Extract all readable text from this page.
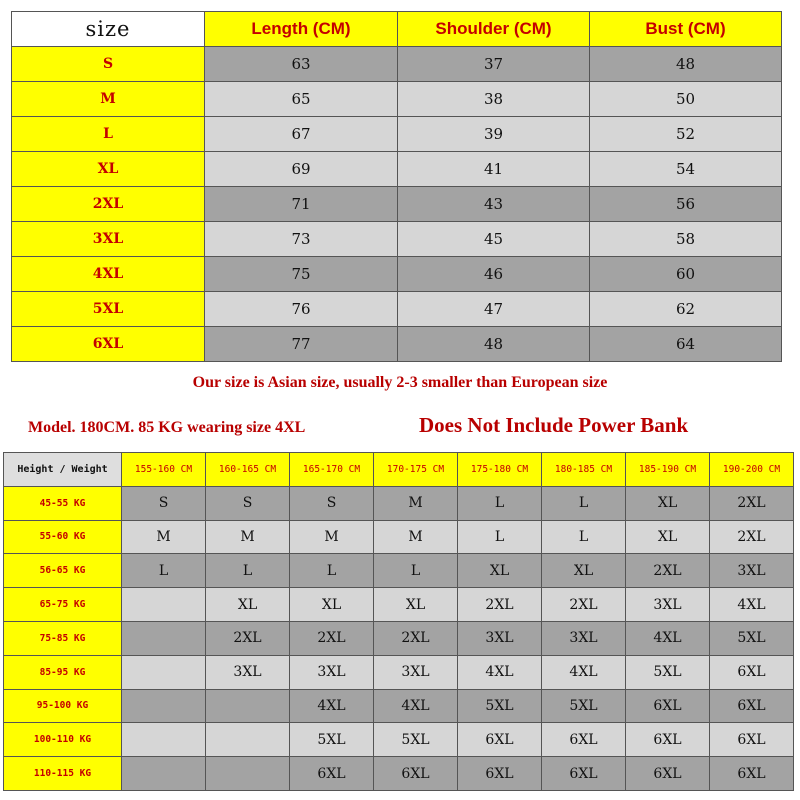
size	Length (CM)	Shoulder (CM)	Bust (CM)
S	63	37	48
M	65	38	50
L	67	39	52
XL	69	41	54
2XL	71	43	56
3XL	73	45	58
4XL	75	46	60
5XL	76	47	62
6XL	77	48	64
Our size is Asian size, usually 2-3 smaller than European size
Model. 180CM. 85 KG wearing size 4XL	Does Not Include Power Bank
Height / Weight	155-160 CM	160-165 CM	165-170 CM	170-175 CM	175-180 CM	180-185 CM	185-190 CM	190-200 CM
45-55 KG	S	S	S	M	L	L	XL	2XL
55-60 KG	M	M	M	M	L	L	XL	2XL
56-65 KG	L	L	L	L	XL	XL	2XL	3XL
65-75 KG		XL	XL	XL	2XL	2XL	3XL	4XL
75-85 KG		2XL	2XL	2XL	3XL	3XL	4XL	5XL
85-95 KG		3XL	3XL	3XL	4XL	4XL	5XL	6XL
95-100 KG			4XL	4XL	5XL	5XL	6XL	6XL
100-110 KG			5XL	5XL	6XL	6XL	6XL	6XL
110-115 KG			6XL	6XL	6XL	6XL	6XL	6XL
